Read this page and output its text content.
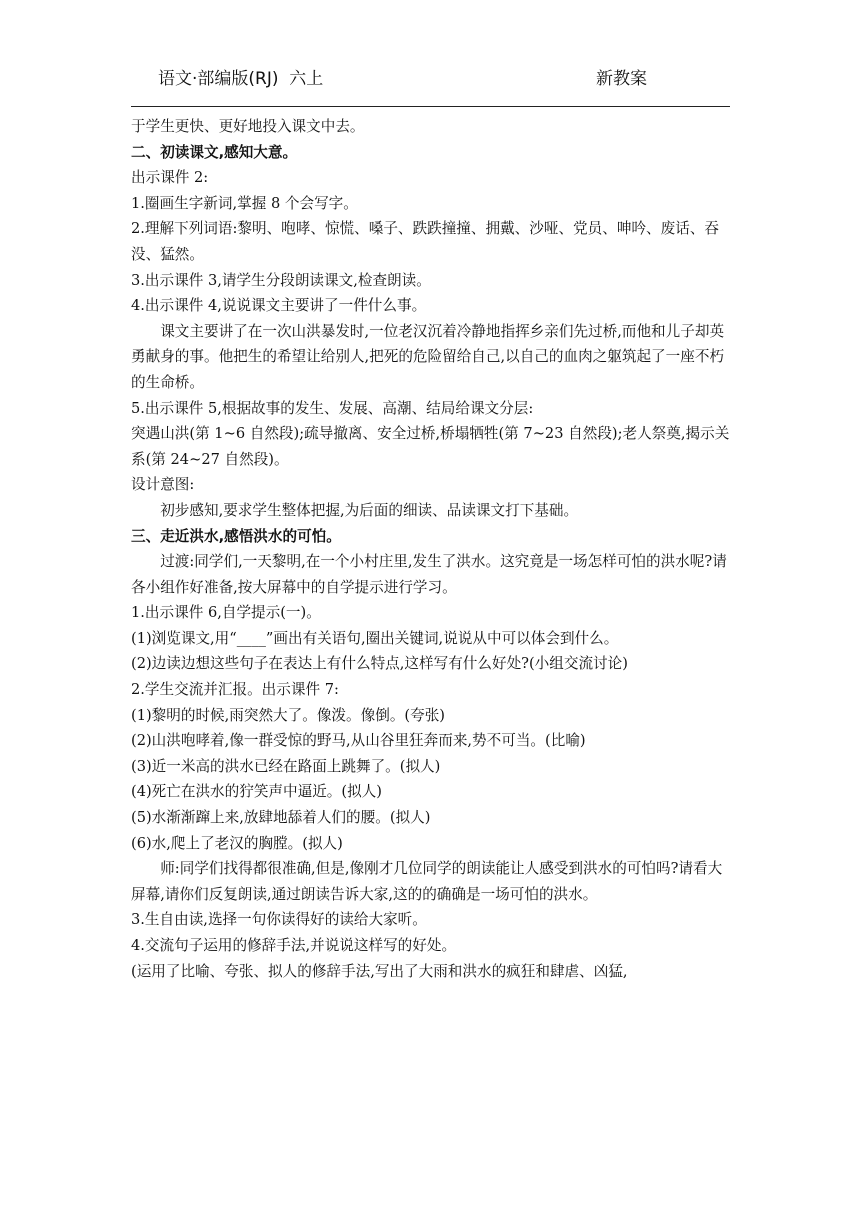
语文·部编版(RJ)  六上	新教案

于学生更快、更好地投入课文中去。

二、初读课文,感知大意。

出示课件 2:

1.圈画生字新词,掌握 8 个会写字。

2.理解下列词语:黎明、咆哮、惊慌、嗓子、跌跌撞撞、拥戴、沙哑、党员、呻吟、废话、吞没、猛然。

3.出示课件 3,请学生分段朗读课文,检查朗读。

4.出示课件 4,说说课文主要讲了一件什么事。

课文主要讲了在一次山洪暴发时,一位老汉沉着冷静地指挥乡亲们先过桥,而他和儿子却英勇献身的事。他把生的希望让给别人,把死的危险留给自己,以自己的血肉之躯筑起了一座不朽的生命桥。

5.出示课件 5,根据故事的发生、发展、高潮、结局给课文分层:

突遇山洪(第 1~6 自然段);疏导撤离、安全过桥,桥塌牺牲(第 7~23 自然段);老人祭奠,揭示关系(第 24~27 自然段)。

设计意图:

初步感知,要求学生整体把握,为后面的细读、品读课文打下基础。

三、走近洪水,感悟洪水的可怕。

过渡:同学们,一天黎明,在一个小村庄里,发生了洪水。这究竟是一场怎样可怕的洪水呢?请各小组作好准备,按大屏幕中的自学提示进行学习。

1.出示课件 6,自学提示(一)。

(1)浏览课文,用“____”画出有关语句,圈出关键词,说说从中可以体会到什么。

(2)边读边想这些句子在表达上有什么特点,这样写有什么好处?(小组交流讨论)

2.学生交流并汇报。出示课件 7:

(1)黎明的时候,雨突然大了。像泼。像倒。(夸张)

(2)山洪咆哮着,像一群受惊的野马,从山谷里狂奔而来,势不可当。(比喻)

(3)近一米高的洪水已经在路面上跳舞了。(拟人)

(4)死亡在洪水的狞笑声中逼近。(拟人)

(5)水渐渐蹿上来,放肆地舔着人们的腰。(拟人)

(6)水,爬上了老汉的胸膛。(拟人)

师:同学们找得都很准确,但是,像刚才几位同学的朗读能让人感受到洪水的可怕吗?请看大屏幕,请你们反复朗读,通过朗读告诉大家,这的的确确是一场可怕的洪水。

3.生自由读,选择一句你读得好的读给大家听。

4.交流句子运用的修辞手法,并说说这样写的好处。

(运用了比喻、夸张、拟人的修辞手法,写出了大雨和洪水的疯狂和肆虐、凶猛,
